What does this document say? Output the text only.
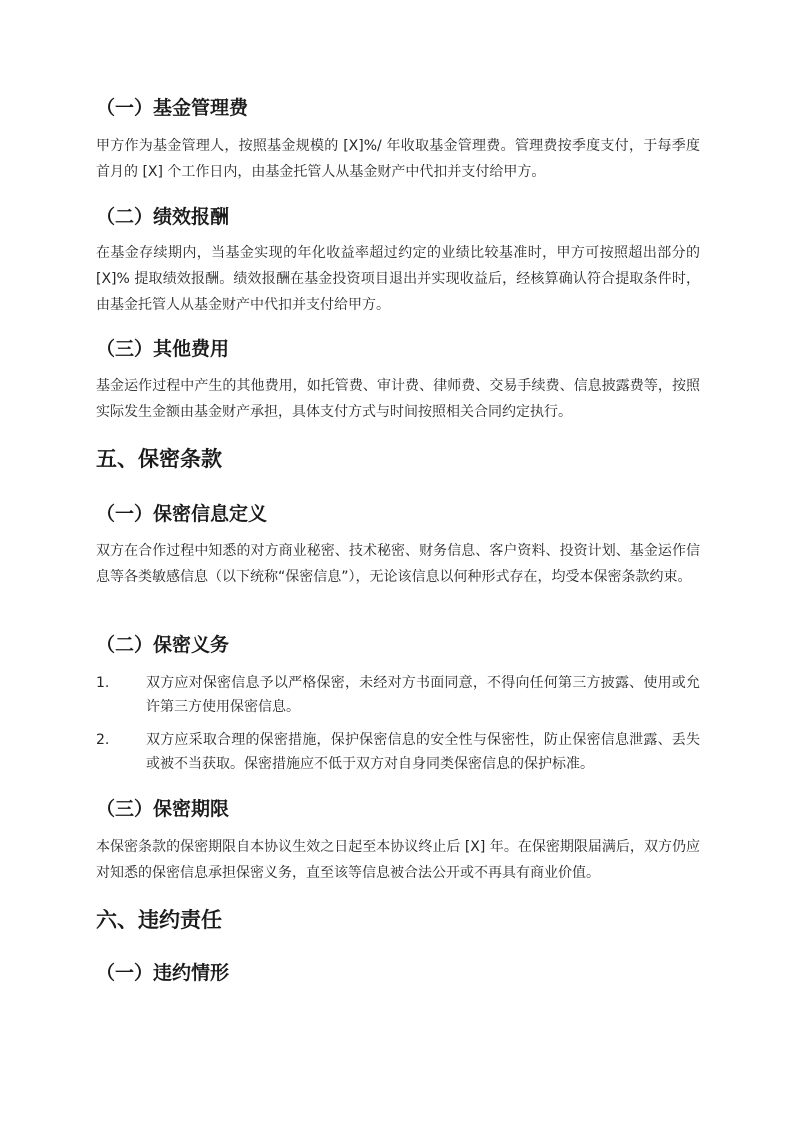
（一）基金管理费
甲方作为基金管理人，按照基金规模的 [X]%/ 年收取基金管理费。管理费按季度支付，于每季度首月的 [X] 个工作日内，由基金托管人从基金财产中代扣并支付给甲方。
（二）绩效报酬
在基金存续期内，当基金实现的年化收益率超过约定的业绩比较基准时，甲方可按照超出部分的 [X]% 提取绩效报酬。绩效报酬在基金投资项目退出并实现收益后，经核算确认符合提取条件时，由基金托管人从基金财产中代扣并支付给甲方。
（三）其他费用
基金运作过程中产生的其他费用，如托管费、审计费、律师费、交易手续费、信息披露费等，按照实际发生金额由基金财产承担，具体支付方式与时间按照相关合同约定执行。
五、保密条款
（一）保密信息定义
双方在合作过程中知悉的对方商业秘密、技术秘密、财务信息、客户资料、投资计划、基金运作信息等各类敏感信息（以下统称“保密信息”），无论该信息以何种形式存在，均受本保密条款约束。
（二）保密义务
1.	双方应对保密信息予以严格保密，未经对方书面同意，不得向任何第三方披露、使用或允许第三方使用保密信息。
2.	双方应采取合理的保密措施，保护保密信息的安全性与保密性，防止保密信息泄露、丢失或被不当获取。保密措施应不低于双方对自身同类保密信息的保护标准。
（三）保密期限
本保密条款的保密期限自本协议生效之日起至本协议终止后 [X] 年。在保密期限届满后，双方仍应对知悉的保密信息承担保密义务，直至该等信息被合法公开或不再具有商业价值。
六、违约责任
（一）违约情形
